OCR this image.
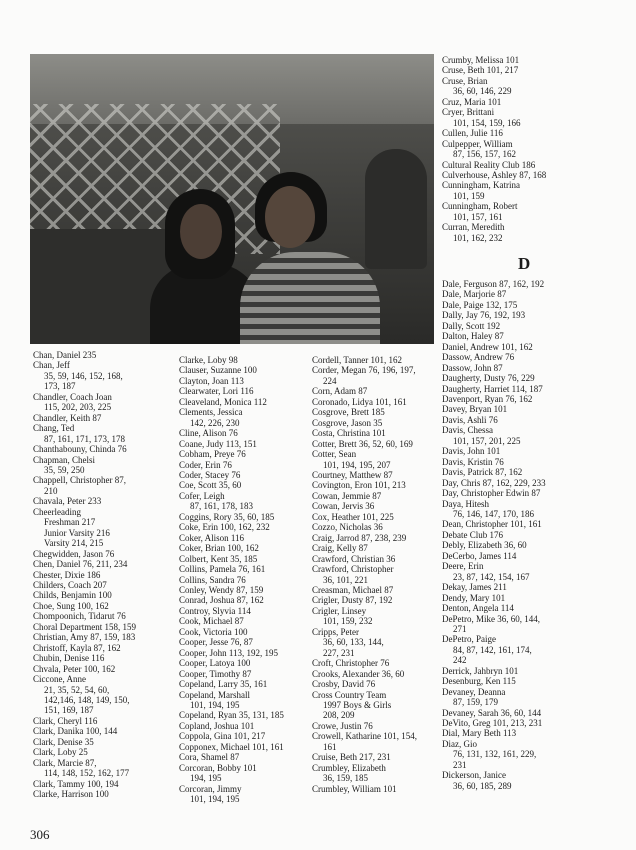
Chan, Daniel 235
Chan, Jeff
35, 59, 146, 152, 168,
173, 187
Chandler, Coach Joan
115, 202, 203, 225
Chandler, Keith 87
Chang, Ted
87, 161, 171, 173, 178
Chanthabouny, Chinda 76
Chapman, Chelsi
35, 59, 250
Chappell, Christopher 87,
210
Chavala, Peter 233
Cheerleading
Freshman 217
Junior Varsity 216
Varsity 214, 215
Chegwidden, Jason 76
Chen, Daniel 76, 211, 234
Chester, Dixie 186
Childers, Coach 207
Childs, Benjamin 100
Choe, Sung 100, 162
Chompoonich, Tidarut 76
Choral Department 158, 159
Christian, Amy 87, 159, 183
Christoff, Kayla 87, 162
Chubin, Denise 116
Chvala, Peter 100, 162
Ciccone, Anne
21, 35, 52, 54, 60,
142,146, 148, 149, 150,
151, 169, 187
Clark, Cheryl 116
Clark, Danika 100, 144
Clark, Denise 35
Clark, Loby 25
Clark, Marcie 87,
114, 148, 152, 162, 177
Clark, Tammy 100, 194
Clarke, Harrison 100
Clarke, Loby 98
Clauser, Suzanne 100
Clayton, Joan 113
Clearwater, Lori 116
Cleaveland, Monica 112
Clements, Jessica
142, 226, 230
Cline, Alison 76
Coane, Judy 113, 151
Cobham, Preye 76
Coder, Erin 76
Coder, Stacey 76
Coe, Scott 35, 60
Cofer, Leigh
87, 161, 178, 183
Coggins, Rory 35, 60, 185
Coke, Erin 100, 162, 232
Coker, Alison 116
Coker, Brian 100, 162
Colbert, Kent 35, 185
Collins, Pamela 76, 161
Collins, Sandra 76
Conley, Wendy 87, 159
Conrad, Joshua 87, 162
Controy, Slyvia 114
Cook, Michael 87
Cook, Victoria 100
Cooper, Jesse 76, 87
Cooper, John 113, 192, 195
Cooper, Latoya 100
Cooper, Timothy 87
Copeland, Larry 35, 161
Copeland, Marshall
101, 194, 195
Copeland, Ryan 35, 131, 185
Copland, Joshua 101
Coppola, Gina 101, 217
Copponex, Michael 101, 161
Cora, Shamel 87
Corcoran, Bobby 101
194, 195
Corcoran, Jimmy
101, 194, 195
Cordell, Tanner 101, 162
Corder, Megan 76, 196, 197,
224
Corn, Adam 87
Coronado, Lidya 101, 161
Cosgrove, Brett 185
Cosgrove, Jason 35
Costa, Christina 101
Cotter, Brett 36, 52, 60, 169
Cotter, Sean
101, 194, 195, 207
Courtney, Matthew 87
Covington, Eron 101, 213
Cowan, Jemmie 87
Cowan, Jervis 36
Cox, Heather 101, 225
Cozzo, Nicholas 36
Craig, Jarrod 87, 238, 239
Craig, Kelly 87
Crawford, Christian 36
Crawford, Christopher
36, 101, 221
Creasman, Michael 87
Crigler, Dusty 87, 192
Crigler, Linsey
101, 159, 232
Cripps, Peter
36, 60, 133, 144,
227, 231
Croft, Christopher 76
Crooks, Alexander 36, 60
Crosby, David 76
Cross Country Team
1997 Boys & Girls
208, 209
Crowe, Justin 76
Crowell, Katharine 101, 154,
161
Cruise, Beth 217, 231
Crumbley, Elizabeth
36, 159, 185
Crumbley, William 101
Crumby, Melissa 101
Cruse, Beth 101, 217
Cruse, Brian
36, 60, 146, 229
Cruz, Maria 101
Cryer, Brittani
101, 154, 159, 166
Cullen, Julie 116
Culpepper, William
87, 156, 157, 162
Cultural Reality Club 186
Culverhouse, Ashley 87, 168
Cunningham, Katrina
101, 159
Cunningham, Robert
101, 157, 161
Curran, Meredith
101, 162, 232
D
Dale, Ferguson 87, 162, 192
Dale, Marjorie 87
Dale, Paige 132, 175
Dally, Jay 76, 192, 193
Dally, Scott 192
Dalton, Haley 87
Daniel, Andrew 101, 162
Dassow, Andrew 76
Dassow, John 87
Daugherty, Dusty 76, 229
Daugherty, Harriet 114, 187
Davenport, Ryan 76, 162
Davey, Bryan 101
Davis, Ashli 76
Davis, Chessa
101, 157, 201, 225
Davis, John 101
Davis, Kristin 76
Davis, Patrick 87, 162
Day, Chris 87, 162, 229, 233
Day, Christopher Edwin 87
Daya, Hitesh
76, 146, 147, 170, 186
Dean, Christopher 101, 161
Debate Club 176
Debly, Elizabeth 36, 60
DeCerbo, James 114
Deere, Erin
23, 87, 142, 154, 167
Dekay, James 211
Dendy, Mary 101
Denton, Angela 114
DePetro, Mike 36, 60, 144,
271
DePetro, Paige
84, 87, 142, 161, 174,
242
Derrick, Jahbryn 101
Desenburg, Ken 115
Devaney, Deanna
87, 159, 179
Devaney, Sarah 36, 60, 144
DeVito, Greg 101, 213, 231
Dial, Mary Beth 113
Diaz, Gio
76, 131, 132, 161, 229,
231
Dickerson, Janice
36, 60, 185, 289
306
